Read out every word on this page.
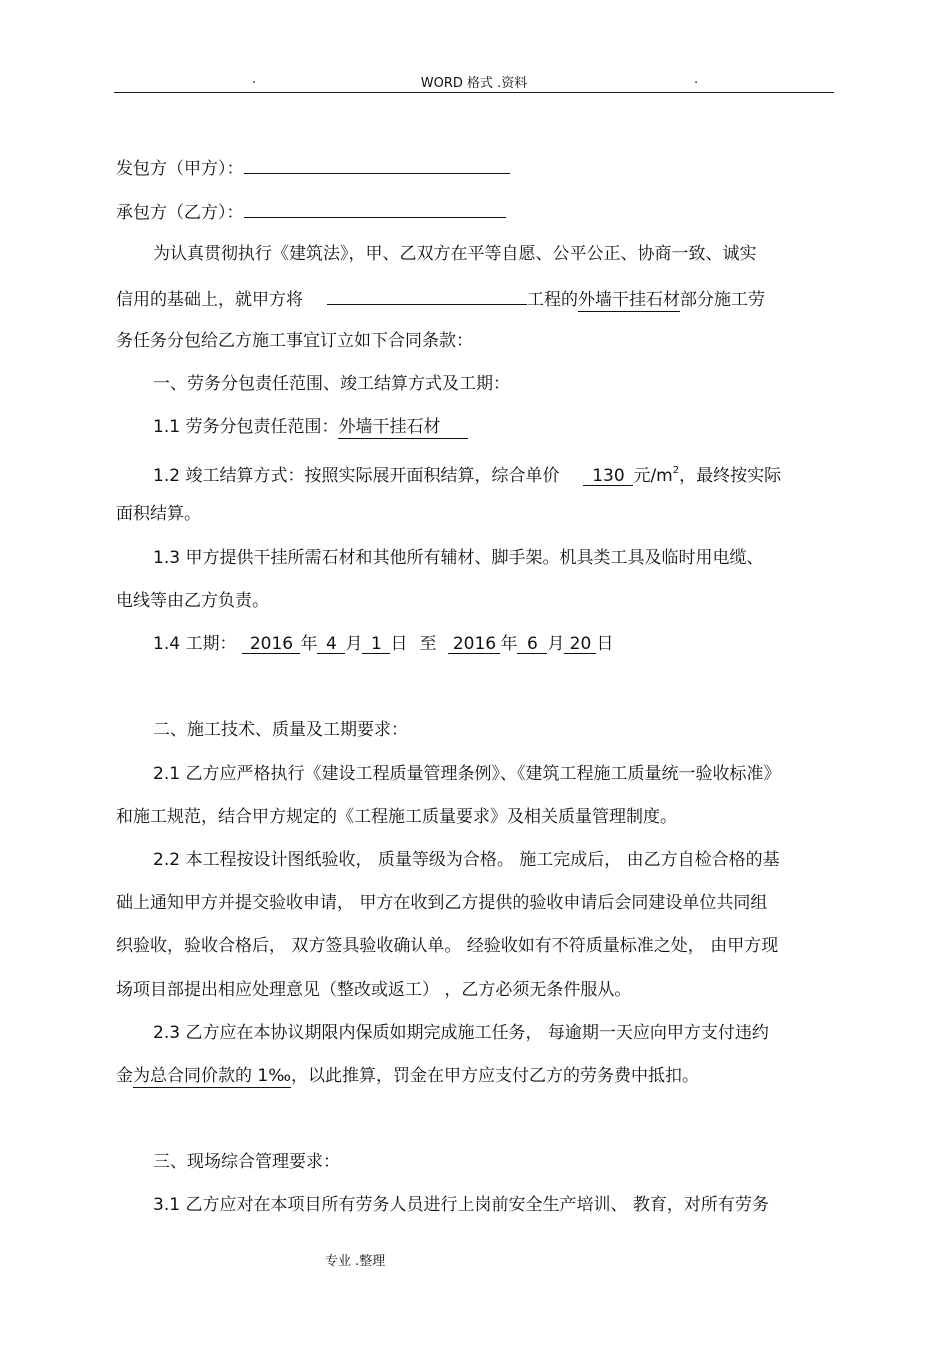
.	WORD 格式 .资料	.
发包方（甲方）：
承包方（乙方）：
为认真贯彻执行《建筑法》，甲、乙双方在平等自愿、公平公正、协商一致、诚实
信用的基础上，就甲方将	工程的外墙干挂石材部分施工劳
务任务分包给乙方施工事宜订立如下合同条款：
一、劳务分包责任范围、竣工结算方式及工期：
1.1 劳务分包责任范围：外墙干挂石材
1.2 竣工结算方式：按照实际展开面积结算，综合单价 130 元$/m^2$，最终按实际
面积结算。
1.3 甲方提供干挂所需石材和其他所有辅材、脚手架。机具类工具及临时用电缆、
电线等由乙方负责。
1.4 工期： 2016 年 4 月 1 日 至 2016 年 6 月 20 日
二、施工技术、质量及工期要求：
2.1 乙方应严格执行《建设工程质量管理条例》、《建筑工程施工质量统一验收标准》
和施工规范，结合甲方规定的《工程施工质量要求》及相关质量管理制度。
2.2 本工程按设计图纸验收， 质量等级为合格。 施工完成后， 由乙方自检合格的基
础上通知甲方并提交验收申请， 甲方在收到乙方提供的验收申请后会同建设单位共同组
织验收，验收合格后， 双方签具验收确认单。 经验收如有不符质量标准之处， 由甲方现
场项目部提出相应处理意见（整改或返工） ，乙方必须无条件服从。
2.3 乙方应在本协议期限内保质如期完成施工任务， 每逾期一天应向甲方支付违约
金为总合同价款的 1‰，以此推算，罚金在甲方应支付乙方的劳务费中抵扣。
三、现场综合管理要求：
3.1 乙方应对在本项目所有劳务人员进行上岗前安全生产培训、 教育，对所有劳务
专业 .整理
